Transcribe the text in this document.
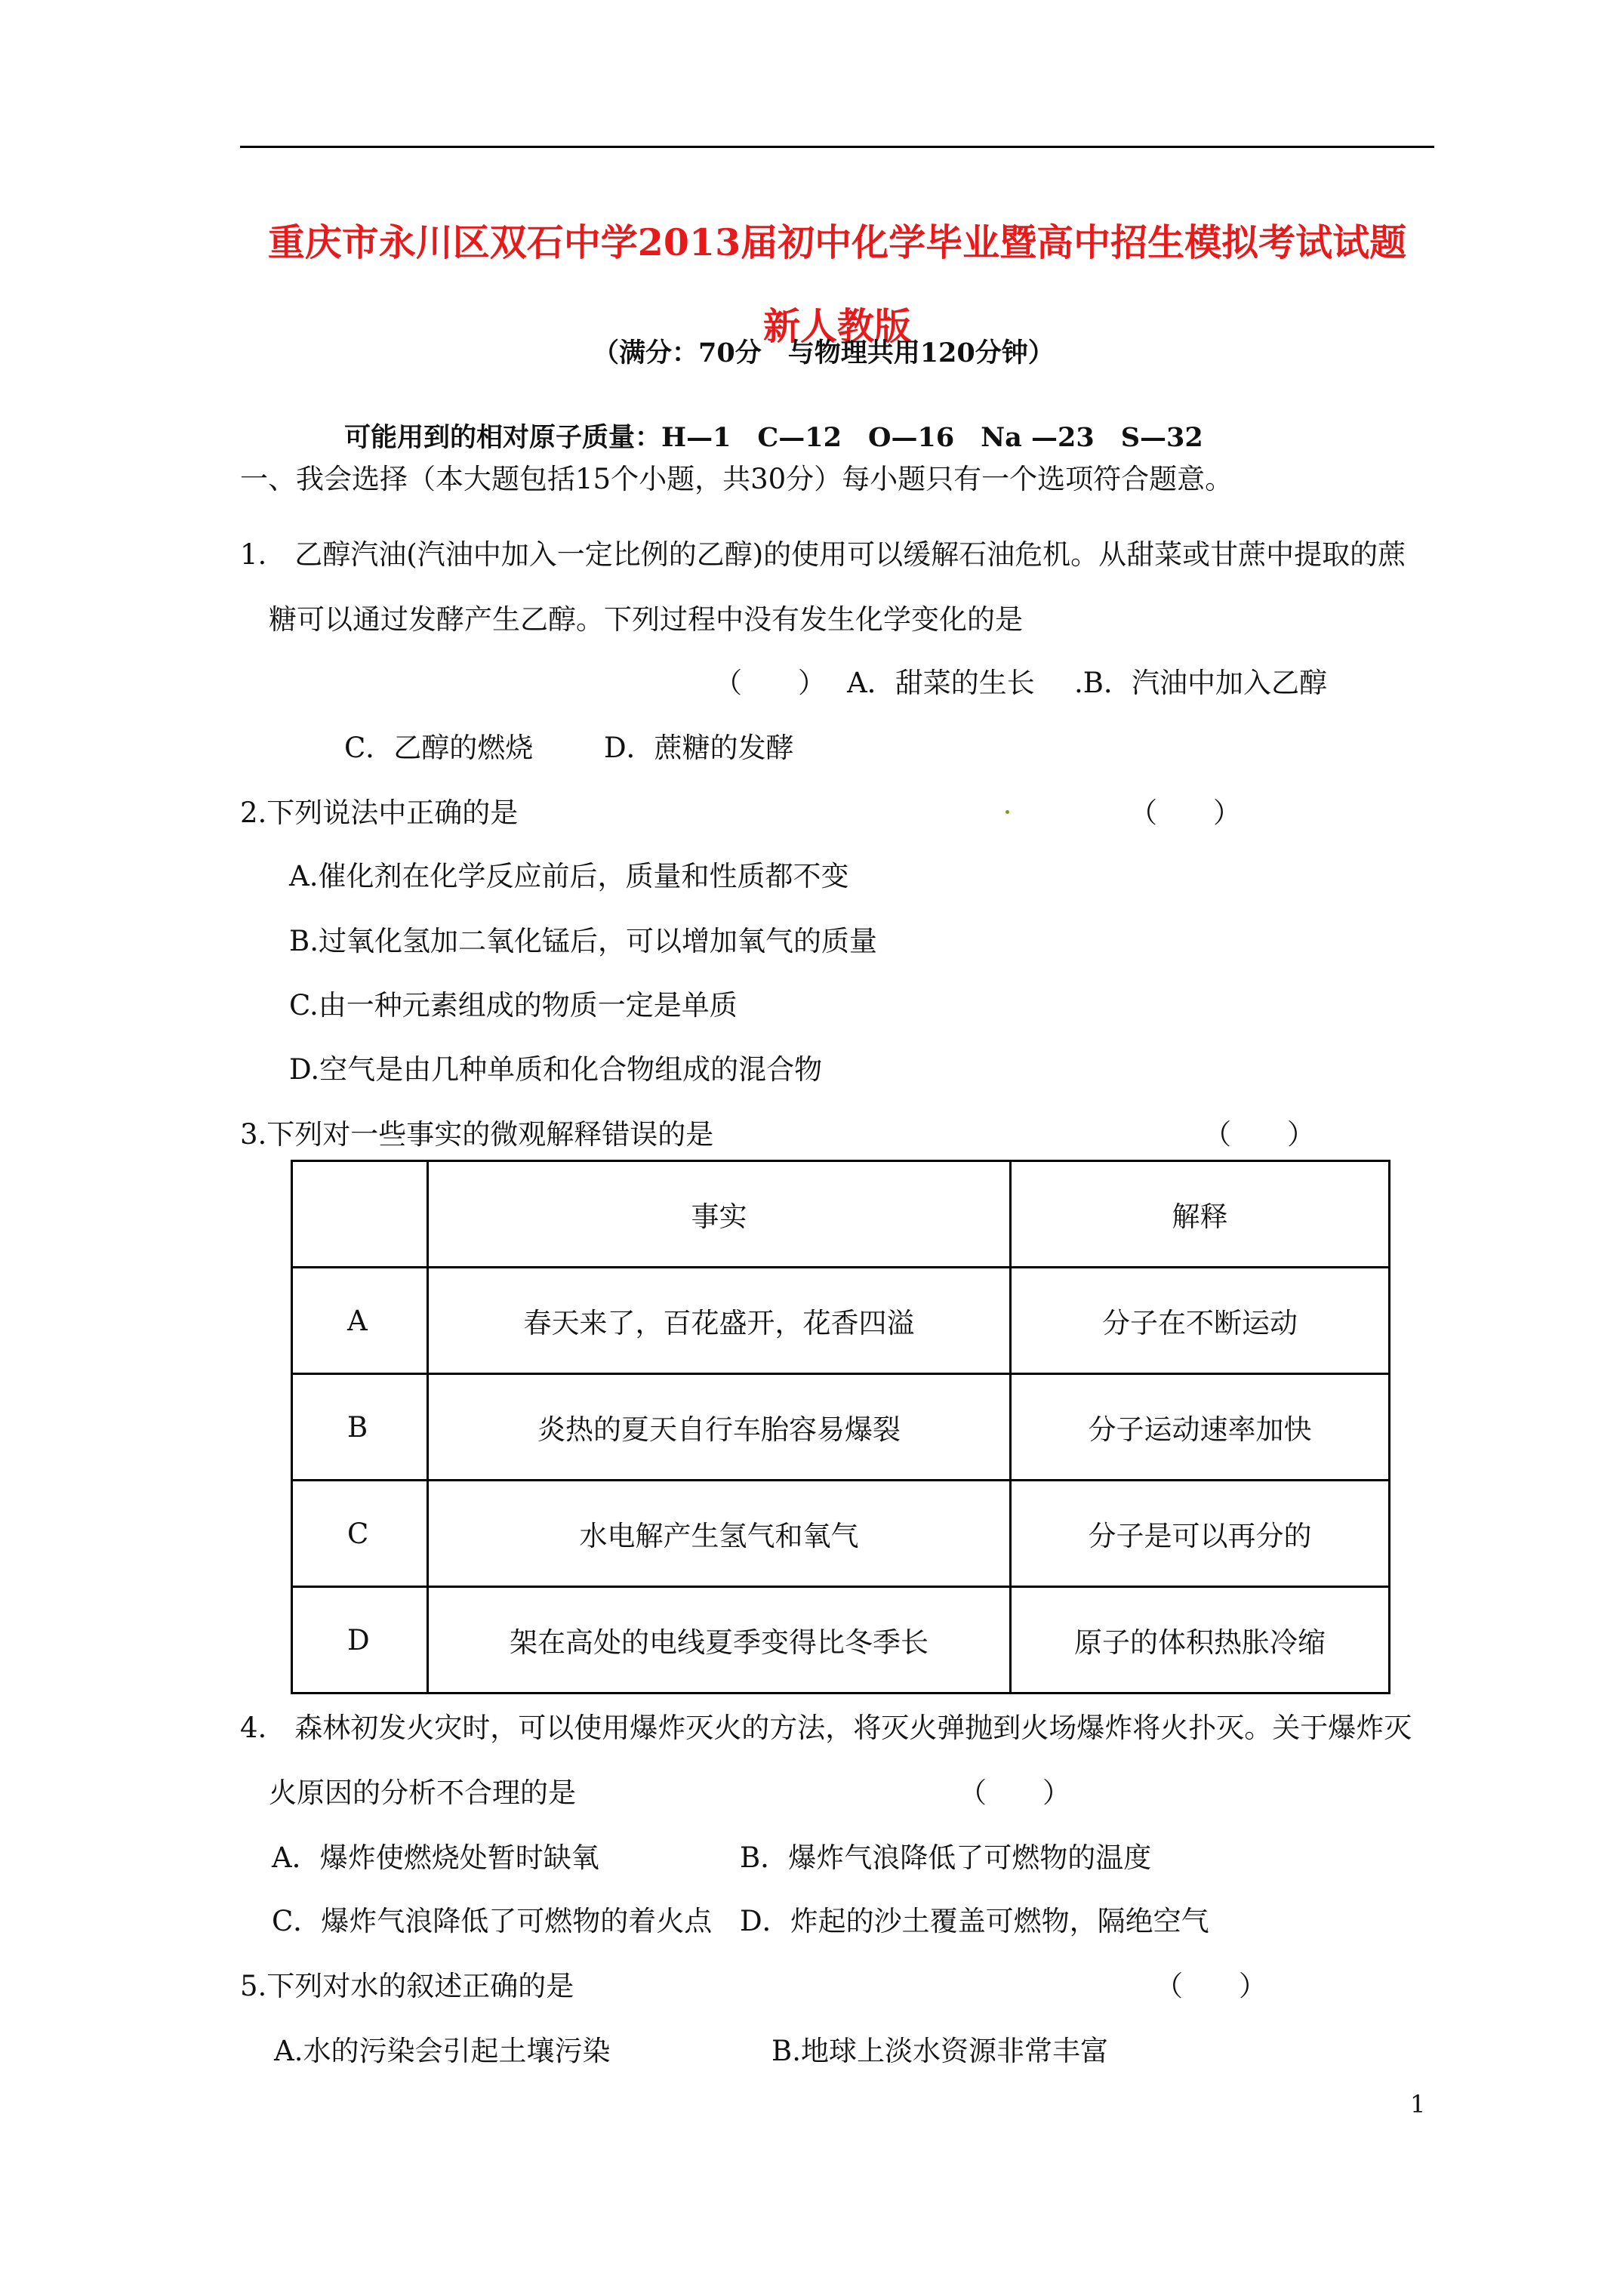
重庆市永川区双石中学2013届初中化学毕业暨高中招生模拟考试试题
新人教版
（满分：70分　与物理共用120分钟）
可能用到的相对原子质量：H—1　C—12　O—16　Na —23　S—32
一、我会选择（本大题包括15个小题，共30分）每小题只有一个选项符合题意。
1.　乙醇汽油(汽油中加入一定比例的乙醇)的使用可以缓解石油危机。从甜菜或甘蔗中提取的蔗
糖可以通过发酵产生乙醇。下列过程中没有发生化学变化的是
（　　） A．甜菜的生长 .B．汽油中加入乙醇
C．乙醇的燃烧	D．蔗糖的发酵
2.下列说法中正确的是	（　　）
A.催化剂在化学反应前后，质量和性质都不变
B.过氧化氢加二氧化锰后，可以增加氧气的质量
C.由一种元素组成的物质一定是单质
D.空气是由几种单质和化合物组成的混合物
3.下列对一些事实的微观解释错误的是	（　　）
	事实	解释
A	春天来了，百花盛开，花香四溢	分子在不断运动
B	炎热的夏天自行车胎容易爆裂	分子运动速率加快
C	水电解产生氢气和氧气	分子是可以再分的
D	架在高处的电线夏季变得比冬季长	原子的体积热胀冷缩
4.　森林初发火灾时，可以使用爆炸灭火的方法，将灭火弹抛到火场爆炸将火扑灭。关于爆炸灭
火原因的分析不合理的是	（　　）
A．爆炸使燃烧处暂时缺氧	B．爆炸气浪降低了可燃物的温度
C．爆炸气浪降低了可燃物的着火点 D．炸起的沙土覆盖可燃物，隔绝空气
5.下列对水的叙述正确的是	（　　）
A.水的污染会引起土壤污染	B.地球上淡水资源非常丰富
1
